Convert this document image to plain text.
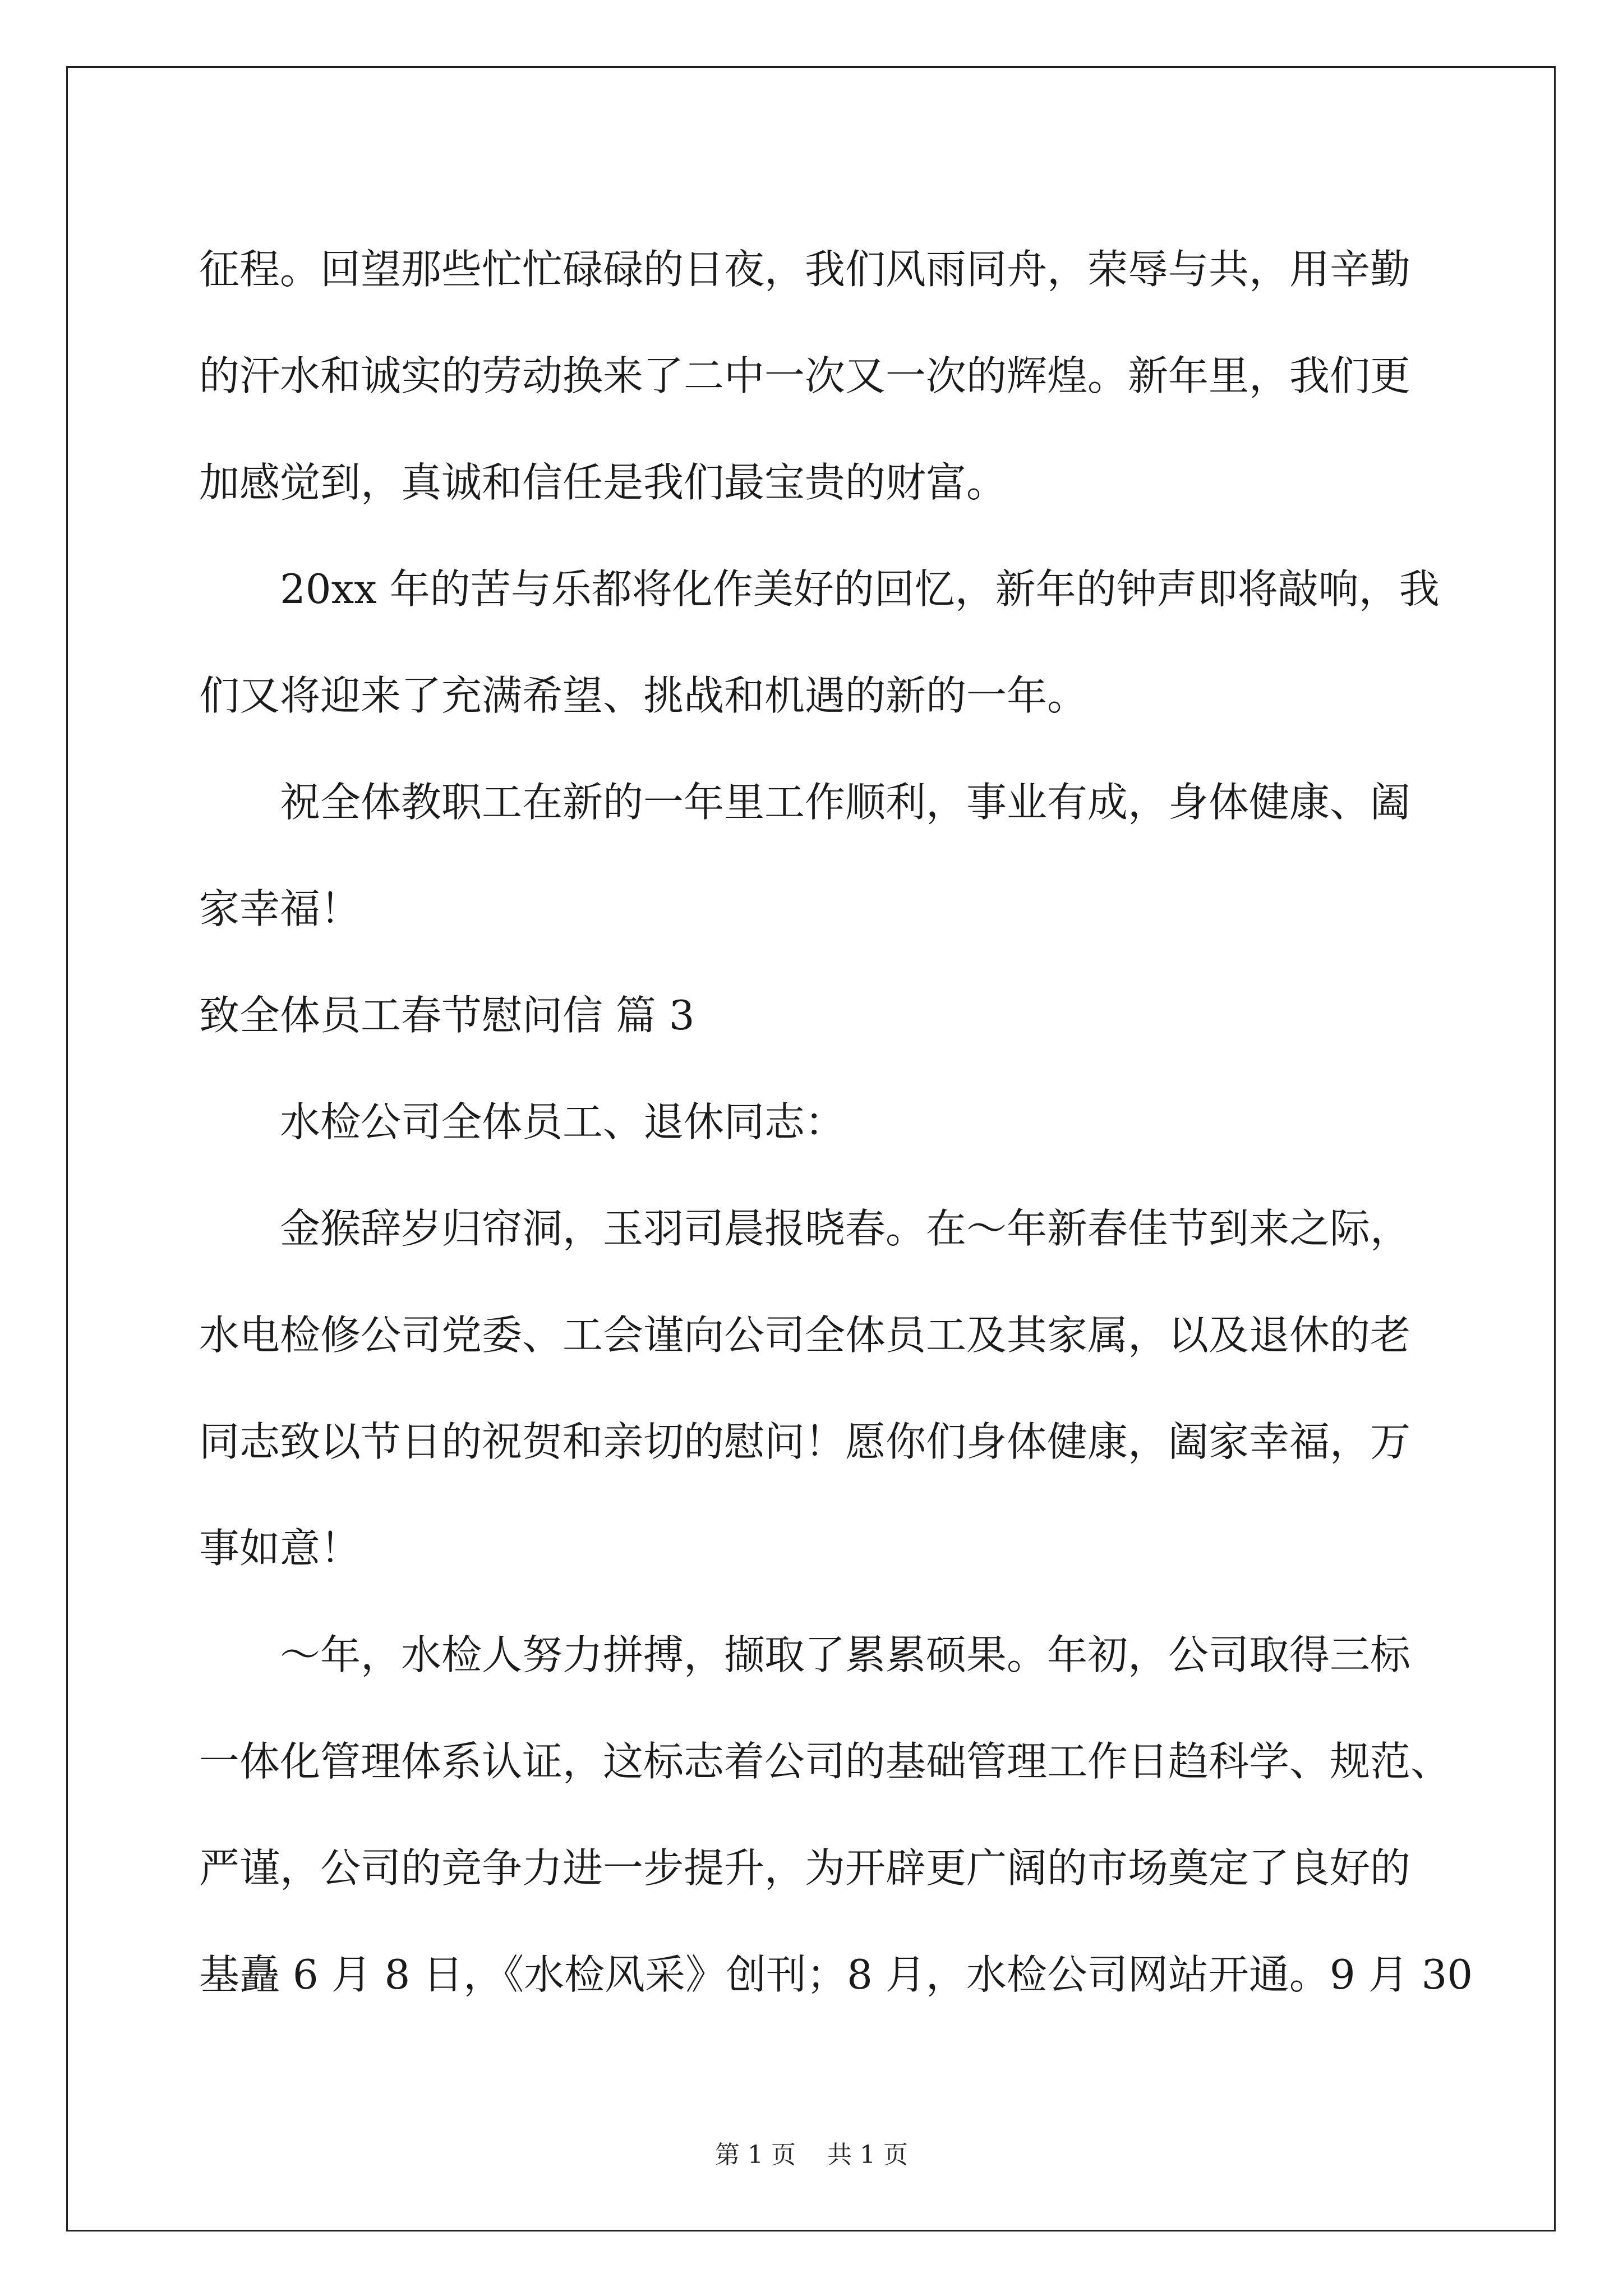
征程。回望那些忙忙碌碌的日夜，我们风雨同舟，荣辱与共，用辛勤
的汗水和诚实的劳动换来了二中一次又一次的辉煌。新年里，我们更
加感觉到，真诚和信任是我们最宝贵的财富。

20xx 年的苦与乐都将化作美好的回忆，新年的钟声即将敲响，我
们又将迎来了充满希望、挑战和机遇的新的一年。

祝全体教职工在新的一年里工作顺利，事业有成，身体健康、阖
家幸福！

致全体员工春节慰问信 篇 3

水检公司全体员工、退休同志：

金猴辞岁归帘洞，玉羽司晨报晓春。在～年新春佳节到来之际，
水电检修公司党委、工会谨向公司全体员工及其家属，以及退休的老
同志致以节日的祝贺和亲切的慰问！愿你们身体健康，阖家幸福，万
事如意！

～年，水检人努力拼搏，撷取了累累硕果。年初，公司取得三标
一体化管理体系认证，这标志着公司的基础管理工作日趋科学、规范、
严谨，公司的竞争力进一步提升，为开辟更广阔的市场奠定了良好的
基矗 6 月 8 日，《水检风采》创刊；8 月，水检公司网站开通。9 月 30

第 1 页 共 1 页
